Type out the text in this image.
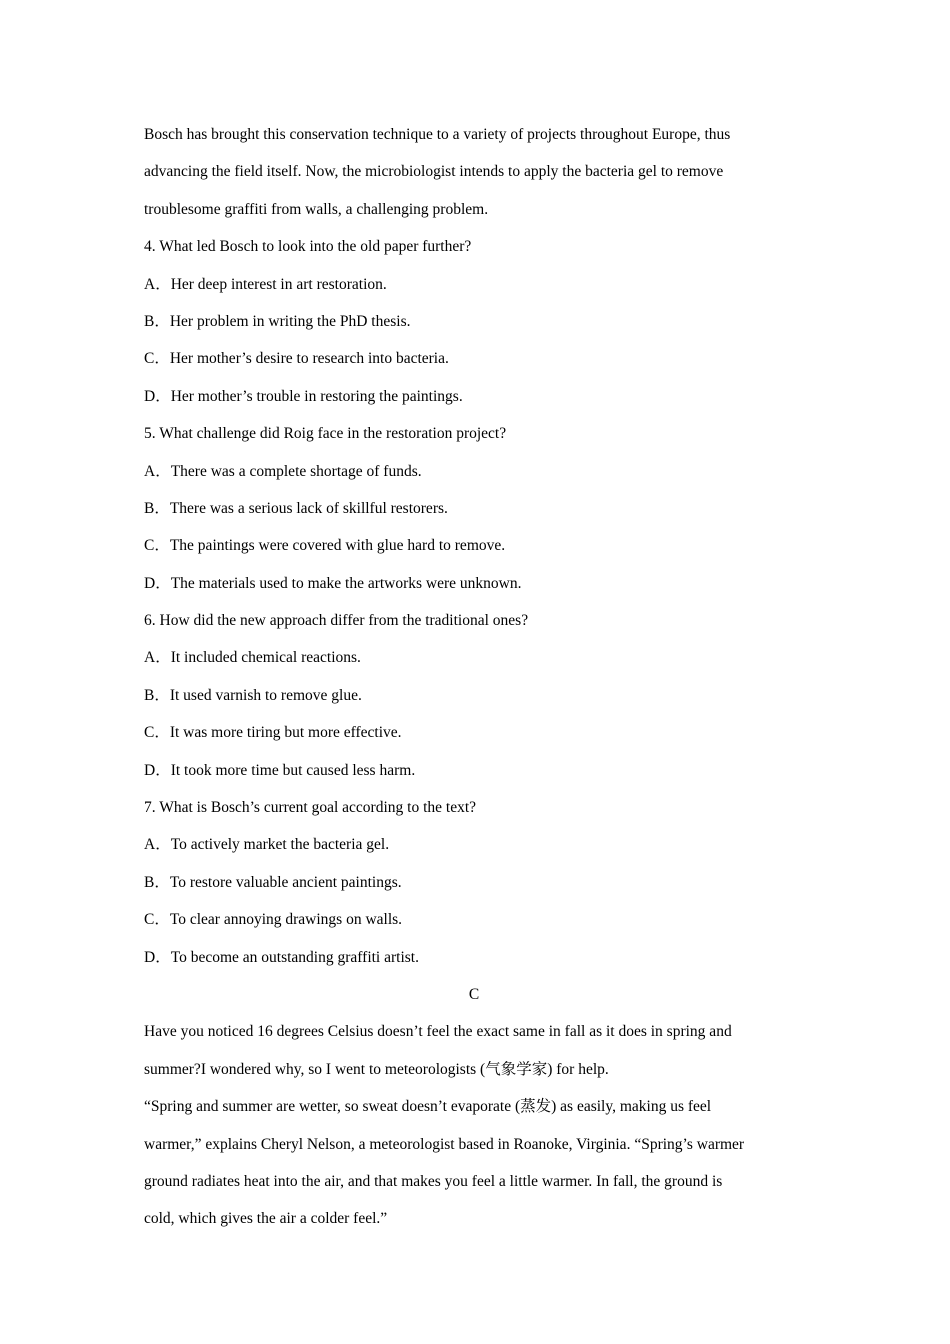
Bosch has brought this conservation technique to a variety of projects throughout Europe, thus

advancing the field itself. Now, the microbiologist intends to apply the bacteria gel to remove

troublesome graffiti from walls, a challenging problem.

4. What led Bosch to look into the old paper further?

A．Her deep interest in art restoration.

B．Her problem in writing the PhD thesis.

C．Her mother’s desire to research into bacteria.

D．Her mother’s trouble in restoring the paintings.

5. What challenge did Roig face in the restoration project?

A．There was a complete shortage of funds.

B．There was a serious lack of skillful restorers.

C．The paintings were covered with glue hard to remove.

D．The materials used to make the artworks were unknown.

6. How did the new approach differ from the traditional ones?

A．It included chemical reactions.

B．It used varnish to remove glue.

C．It was more tiring but more effective.

D．It took more time but caused less harm.

7. What is Bosch’s current goal according to the text?

A．To actively market the bacteria gel.

B．To restore valuable ancient paintings.

C．To clear annoying drawings on walls.

D．To become an outstanding graffiti artist.

C

Have you noticed 16 degrees Celsius doesn’t feel the exact same in fall as it does in spring and

summer?I wondered why, so I went to meteorologists (气象学家) for help.

“Spring and summer are wetter, so sweat doesn’t evaporate (蒸发) as easily, making us feel

warmer,” explains Cheryl Nelson, a meteorologist based in Roanoke, Virginia. “Spring’s warmer

ground radiates heat into the air, and that makes you feel a little warmer. In fall, the ground is

cold, which gives the air a colder feel.”
